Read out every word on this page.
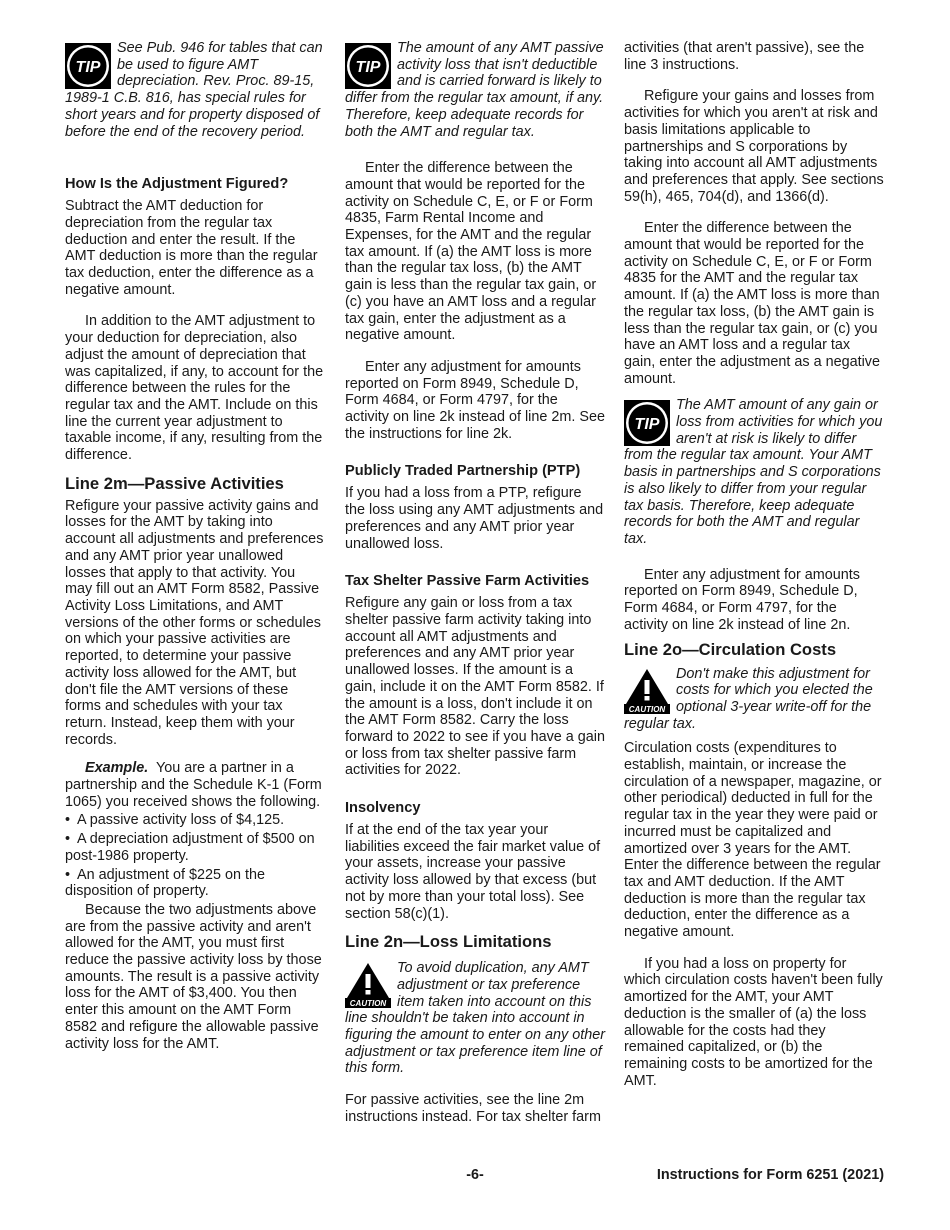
TIP
See Pub. 946 for tables that can be used to figure AMT depreciation. Rev. Proc. 89-15, 1989-1 C.B. 816, has special rules for short years and for property disposed of before the end of the recovery period.
How Is the Adjustment Figured?

Subtract the AMT deduction for depreciation from the regular tax deduction and enter the result. If the AMT deduction is more than the regular tax deduction, enter the difference as a negative amount.

In addition to the AMT adjustment to your deduction for depreciation, also adjust the amount of depreciation that was capitalized, if any, to account for the difference between the rules for the regular tax and the AMT. Include on this line the current year adjustment to taxable income, if any, resulting from the difference.

Line 2m—Passive Activities

Refigure your passive activity gains and losses for the AMT by taking into account all adjustments and preferences and any AMT prior year unallowed losses that apply to that activity. You may fill out an AMT Form 8582, Passive Activity Loss Limitations, and AMT versions of the other forms or schedules on which your passive activities are reported, to determine your passive activity loss allowed for the AMT, but don't file the AMT versions of these forms and schedules with your tax return. Instead, keep them with your records.

Example. You are a partner in a partnership and the Schedule K-1 (Form 1065) you received shows the following.

• A passive activity loss of $4,125.
• A depreciation adjustment of $500 on post-1986 property.
• An adjustment of $225 on the disposition of property.

Because the two adjustments above are from the passive activity and aren't allowed for the AMT, you must first reduce the passive activity loss by those amounts. The result is a passive activity loss for the AMT of $3,400. You then enter this amount on the AMT Form 8582 and refigure the allowable passive activity loss for the AMT.

TIP
The amount of any AMT passive activity loss that isn't deductible and is carried forward is likely to differ from the regular tax amount, if any. Therefore, keep adequate records for both the AMT and regular tax.

Enter the difference between the amount that would be reported for the activity on Schedule C, E, or F or Form 4835, Farm Rental Income and Expenses, for the AMT and the regular tax amount. If (a) the AMT loss is more than the regular tax loss, (b) the AMT gain is less than the regular tax gain, or (c) you have an AMT loss and a regular tax gain, enter the adjustment as a negative amount.

Enter any adjustment for amounts reported on Form 8949, Schedule D, Form 4684, or Form 4797, for the activity on line 2k instead of line 2m. See the instructions for line 2k.

Publicly Traded Partnership (PTP)

If you had a loss from a PTP, refigure the loss using any AMT adjustments and preferences and any AMT prior year unallowed loss.

Tax Shelter Passive Farm Activities

Refigure any gain or loss from a tax shelter passive farm activity taking into account all AMT adjustments and preferences and any AMT prior year unallowed losses. If the amount is a gain, include it on the AMT Form 8582. If the amount is a loss, don't include it on the AMT Form 8582. Carry the loss forward to 2022 to see if you have a gain or loss from tax shelter passive farm activities for 2022.

Insolvency

If at the end of the tax year your liabilities exceed the fair market value of your assets, increase your passive activity loss allowed by that excess (but not by more than your total loss). See section 58(c)(1).

Line 2n—Loss Limitations
CAUTION
To avoid duplication, any AMT adjustment or tax preference item taken into account on this line shouldn't be taken into account in figuring the amount to enter on any other adjustment or tax preference item line of this form.

For passive activities, see the line 2m instructions instead. For tax shelter farm

activities (that aren't passive), see the line 3 instructions.

Refigure your gains and losses from activities for which you aren't at risk and basis limitations applicable to partnerships and S corporations by taking into account all AMT adjustments and preferences that apply. See sections 59(h), 465, 704(d), and 1366(d).

Enter the difference between the amount that would be reported for the activity on Schedule C, E, or F or Form 4835 for the AMT and the regular tax amount. If (a) the AMT loss is more than the regular tax loss, (b) the AMT gain is less than the regular tax gain, or (c) you have an AMT loss and a regular tax gain, enter the adjustment as a negative amount.

TIP
The AMT amount of any gain or loss from activities for which you aren't at risk is likely to differ from the regular tax amount. Your AMT basis in partnerships and S corporations is also likely to differ from your regular tax basis. Therefore, keep adequate records for both the AMT and regular tax.

Enter any adjustment for amounts reported on Form 8949, Schedule D, Form 4684, or Form 4797, for the activity on line 2k instead of line 2n.

Line 2o—Circulation Costs
CAUTION
Don't make this adjustment for costs for which you elected the optional 3-year write-off for the regular tax.

Circulation costs (expenditures to establish, maintain, or increase the circulation of a newspaper, magazine, or other periodical) deducted in full for the regular tax in the year they were paid or incurred must be capitalized and amortized over 3 years for the AMT. Enter the difference between the regular tax and AMT deduction. If the AMT deduction is more than the regular tax deduction, enter the difference as a negative amount.

If you had a loss on property for which circulation costs haven't been fully amortized for the AMT, your AMT deduction is the smaller of (a) the loss allowable for the costs had they remained capitalized, or (b) the remaining costs to be amortized for the AMT.

-6-	Instructions for Form 6251 (2021)
